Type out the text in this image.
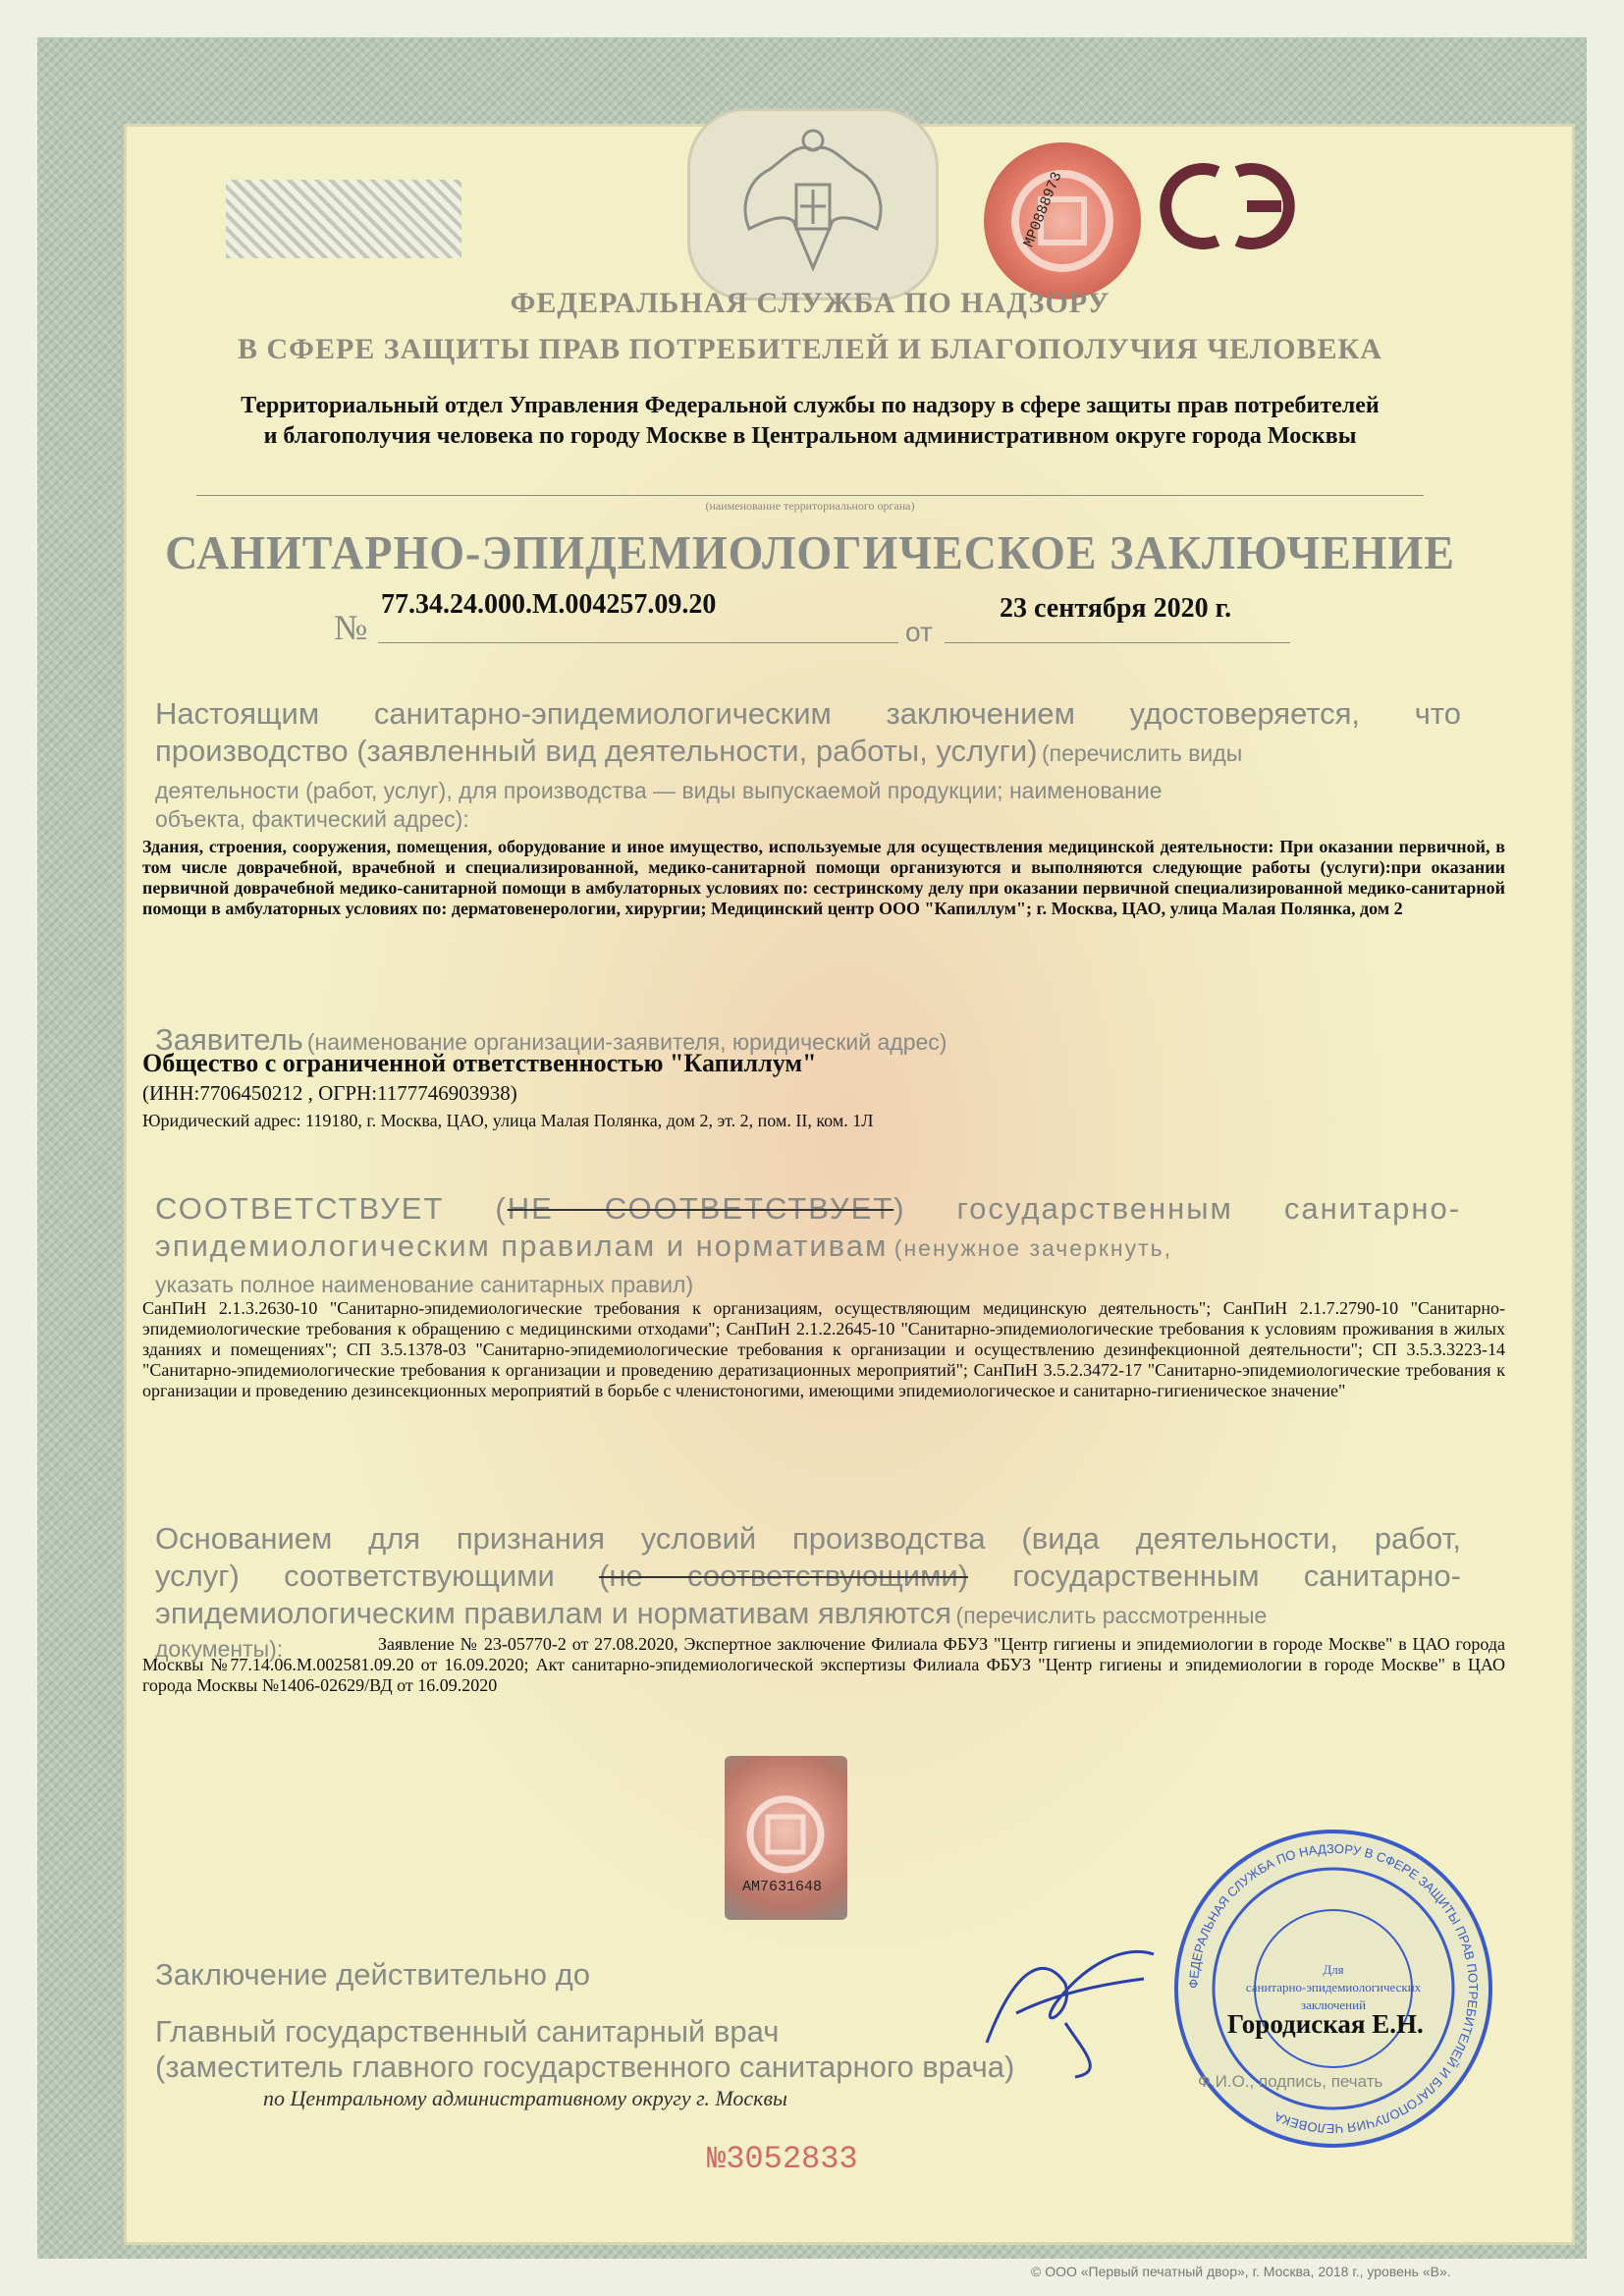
МР0888973
ФЕДЕРАЛЬНАЯ СЛУЖБА ПО НАДЗОРУ
В СФЕРЕ ЗАЩИТЫ ПРАВ ПОТРЕБИТЕЛЕЙ И БЛАГОПОЛУЧИЯ ЧЕЛОВЕКА
Территориальный отдел Управления Федеральной службы по надзору в сфере защиты прав потребителей
и благополучия человека по городу Москве в Центральном административном округе города Москвы
(наименование территориального органа)
САНИТАРНО-ЭПИДЕМИОЛОГИЧЕСКОЕ ЗАКЛЮЧЕНИЕ
№
77.34.24.000.М.004257.09.20
от
23 сентября 2020 г.
Настоящим санитарно-эпидемиологическим заключением удостоверяется, что
производство (заявленный вид деятельности, работы, услуги) (перечислить виды
деятельности (работ, услуг), для производства — виды выпускаемой продукции; наименование
объекта, фактический адрес):
Здания, строения, сооружения, помещения, оборудование и иное имущество, используемые для осуществления медицинской деятельности: При оказании первичной, в том числе доврачебной, врачебной и специализированной, медико-санитарной помощи организуются и выполняются следующие работы (услуги):при оказании первичной доврачебной медико-санитарной помощи в амбулаторных условиях по: сестринскому делу при оказании первичной специализированной медико-санитарной помощи в амбулаторных условиях по: дерматовенерологии, хирургии; Медицинский центр ООО "Капиллум"; г. Москва, ЦАО, улица Малая Полянка, дом 2
Заявитель (наименование организации-заявителя, юридический адрес)
Общество с ограниченной ответственностью "Капиллум"
(ИНН:7706450212 , ОГРН:1177746903938)
Юридический адрес: 119180, г. Москва, ЦАО, улица Малая Полянка, дом 2, эт. 2, пом. II, ком. 1Л
СООТВЕТСТВУЕТ (НЕ СООТВЕТСТВУЕТ) государственным санитарно-
эпидемиологическим правилам и нормативам (ненужное зачеркнуть,
указать полное наименование санитарных правил)
СанПиН 2.1.3.2630-10 "Санитарно-эпидемиологические требования к организациям, осуществляющим медицинскую деятельность"; СанПиН 2.1.7.2790-10 "Санитарно-эпидемиологические требования к обращению с медицинскими отходами"; СанПиН 2.1.2.2645-10 "Санитарно-эпидемиологические требования к условиям проживания в жилых зданиях и помещениях"; СП 3.5.1378-03 "Санитарно-эпидемиологические требования к организации и осуществлению дезинфекционной деятельности"; СП 3.5.3.3223-14 "Санитарно-эпидемиологические требования к организации и проведению дератизационных мероприятий"; СанПиН 3.5.2.3472-17 "Санитарно-эпидемиологические требования к организации и проведению дезинсекционных мероприятий в борьбе с членистоногими, имеющими эпидемиологическое и санитарно-гигиеническое значение"
Основанием для признания условий производства (вида деятельности, работ,
услуг) соответствующими (не соответствующими) государственным санитарно-
эпидемиологическим правилам и нормативам являются (перечислить рассмотренные
документы):	Заявление № 23-05770-2 от 27.08.2020, Экспертное заключение Филиала ФБУЗ "Центр гигиены и эпидемиологии в городе Москве" в ЦАО города Москвы №77.14.06.М.002581.09.20 от 16.09.2020; Акт санитарно-эпидемиологической экспертизы Филиала ФБУЗ "Центр гигиены и эпидемиологии в городе Москве" в ЦАО города Москвы №1406-02629/ВД от 16.09.2020
АМ7631648
Заключение действительно до
Главный государственный санитарный врач
(заместитель главного государственного санитарного врача)
по Центральному административному округу г. Москвы
ФЕДЕРАЛЬНАЯ СЛУЖБА ПО НАДЗОРУ В СФЕРЕ ЗАЩИТЫ ПРАВ ПОТРЕБИТЕЛЕЙ И БЛАГОПОЛУЧИЯ ЧЕЛОВЕКА
Для санитарно-эпидемиологических заключений
Городиская Е.Н.
Ф.И.О., подпись, печать
№3052833
© ООО «Первый печатный двор», г. Москва, 2018 г., уровень «В».
